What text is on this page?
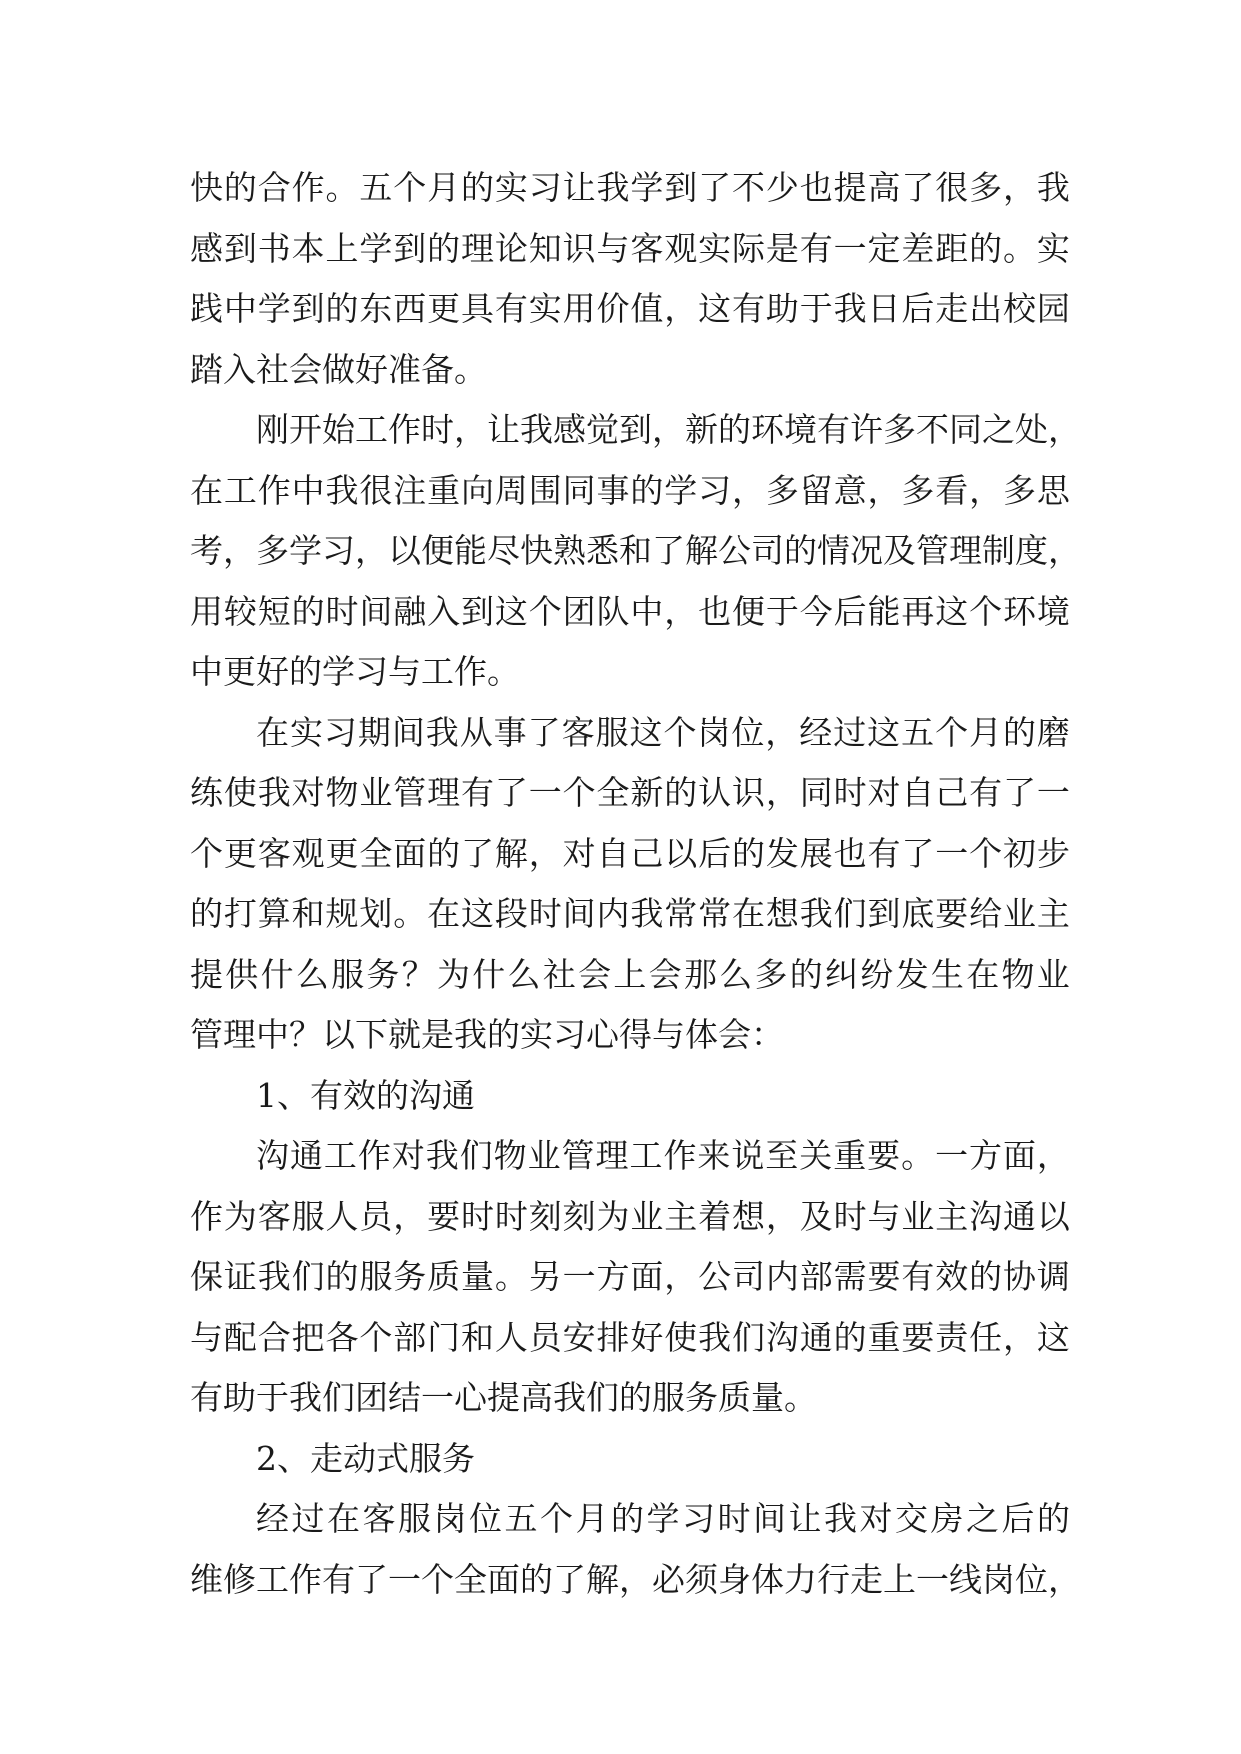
快 的 合 作 。 五 个 月 的 实 习 让 我 学 到 了 不 少 也 提 高 了 很 多 ， 我
感 到 书 本 上 学 到 的 理 论 知 识 与 客 观 实 际 是 有 一 定 差 距 的 。 实
践 中 学 到 的 东 西 更 具 有 实 用 价 值 ， 这 有 助 于 我 日 后 走 出 校 园
踏入社会做好准备。
刚 开 始 工 作 时 ， 让 我 感 觉 到 ， 新 的 环 境 有 许 多 不 同 之 处 ，
在 工 作 中 我 很 注 重 向 周 围 同 事 的 学 习 ， 多 留 意 ， 多 看 ， 多 思
考 ， 多 学 习 ， 以 便 能 尽 快 熟 悉 和 了 解 公 司 的 情 况 及 管 理 制 度 ，
用 较 短 的 时 间 融 入 到 这 个 团 队 中 ， 也 便 于 今 后 能 再 这 个 环 境
中更好的学习与工作。
在 实 习 期 间 我 从 事 了 客 服 这 个 岗 位 ， 经 过 这 五 个 月 的 磨
练 使 我 对 物 业 管 理 有 了 一 个 全 新 的 认 识 ， 同 时 对 自 己 有 了 一
个 更 客 观 更 全 面 的 了 解 ， 对 自 己 以 后 的 发 展 也 有 了 一 个 初 步
的 打 算 和 规 划 。 在 这 段 时 间 内 我 常 常 在 想 我 们 到 底 要 给 业 主
提 供 什 么 服 务 ？ 为 什 么 社 会 上 会 那 么 多 的 纠 纷 发 生 在 物 业
管理中？以下就是我的实习心得与体会：
1、有效的沟通
沟 通 工 作 对 我 们 物 业 管 理 工 作 来 说 至 关 重 要 。 一 方 面 ，
作 为 客 服 人 员 ， 要 时 时 刻 刻 为 业 主 着 想 ， 及 时 与 业 主 沟 通 以
保 证 我 们 的 服 务 质 量 。 另 一 方 面 ， 公 司 内 部 需 要 有 效 的 协 调
与 配 合 把 各 个 部 门 和 人 员 安 排 好 使 我 们 沟 通 的 重 要 责 任 ， 这
有助于我们团结一心提高我们的服务质量。
2、走动式服务
经 过 在 客 服 岗 位 五 个 月 的 学 习 时 间 让 我 对 交 房 之 后 的
维 修 工 作 有 了 一 个 全 面 的 了 解 ， 必 须 身 体 力 行 走 上 一 线 岗 位 ，
